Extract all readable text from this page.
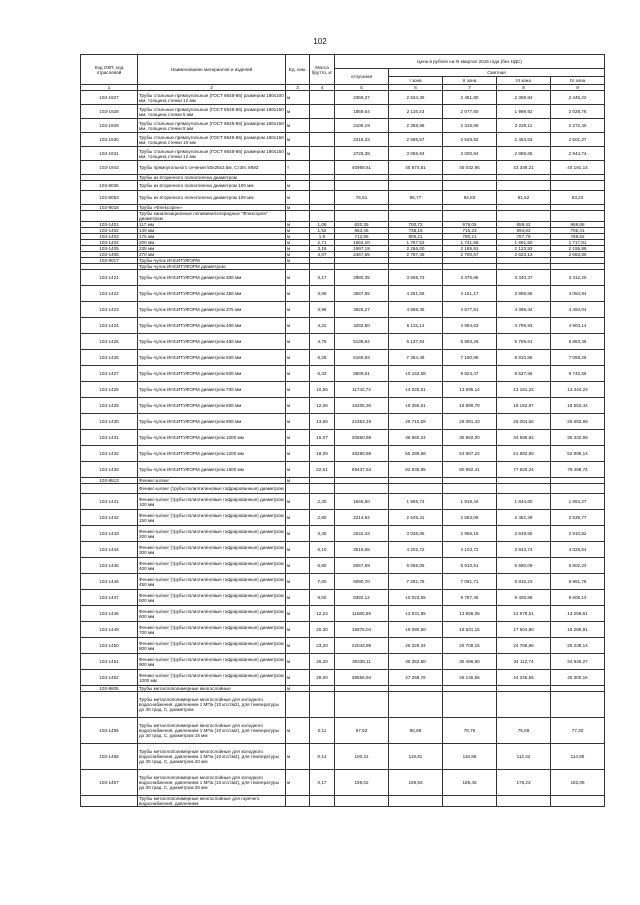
102
Код ОКП, код отраслевой	Наименование материалов и изделий	Ед. изм.	Масса брутто, кг	Цена в рублях на III квартал 2016 года (без НДС)				
				отпускная	Сметная			
					I зона	II зона	III зона	IV зона
1	2	3	4	5	6	7	8	9
103-1927	Трубы стальные прямоугольные (ГОСТ 8645-86) размером 180х100 мм, толщина стенки 12 мм	м		2366,37	2 534,36	2 491,80	2 398,84	2 445,22
103-1928	Трубы стальные прямоугольные (ГОСТ 8645-86) размером 180х150 мм, толщина стенки 5 мм	м		1869,64	2 116,43	2 077,60	1 999,92	2 028,76
103-1929	Трубы стальные прямоугольные (ГОСТ 8645-86) размером 180х150 мм, толщина стенки 8 мм	м		2106,19	2 358,98	2 315,69	2 229,11	2 272,40
103-1930	Трубы стальные прямоугольные (ГОСТ 8645-86) размером 180х150 мм, толщина стенки 10 мм	м		2318,33	2 596,57	2 548,92	2 453,63	2 501,27
103-1931	Трубы стальные прямоугольные (ГОСТ 8645-86) размером 180х150 мм, толщина стенки 12 мм	м		2729,38	3 056,94	3 000,84	2 888,65	2 944,74
103-1943	Трубы прямоугольного сечения 50х25х2,5м, Ст3пс ММЗ	т		40968,61	45 874,81	45 032,95	43 349,21	44 191,14
	Трубы из вторичного полиэтилена диаметром							
103-9036	Трубы из вторичного полиэтилена диаметром 100 мм	м						
103-8053	Трубы из вторичного полиэтилена диаметром 100 мм	м		76,51	86,77	84,83	81,52	83,24
103-9018	Трубы «Флексорен»	м						
	Трубы канализационные поливинилхлоридные "Флексорен" диаметром							
103-1401	117 мм	м	1,06	620,35	700,72	678,05	659,42	669,68
103-1402	140 мм	м	1,52	653,46	738,16	715,23	694,63	705,41
103-1403	175 мм	м	1,9	712,86	805,21	780,21	757,79	769,52
103-1404	200 мм	м	2,71	1564,20	1 767,53	1 741,65	1 691,50	1 717,81
103-1405	235 мм	м	3,16	1997,19	2 256,00	2 185,91	2 122,93	2 155,89
103-1406	270 мм	м	4,07	2467,65	2 787,49	2 700,67	2 623,13	2 663,80
103-9017	Трубы-чулок ИНСИТУФОРМ	м						
	Трубы-чулок ИНСИТУФОРМ диаметром:							
103-1421	Трубы-чулок ИНСИТУФОРМ диаметром 300 мм	м	3,17	2980,35	3 559,73	3 475,68	3 340,37	3 412,20
103-1422	Трубы-чулок ИНСИТУФОРМ диаметром 350 мм	м	3,69	3567,65	4 261,56	4 161,17	3 998,85	4 084,94
103-1423	Трубы-чулок ИНСИТУФОРМ диаметром 375 мм	м	3,96	3925,27	4 688,35	4 577,91	4 399,44	4 494,04
103-1424	Трубы-чулок ИНСИТУФОРМ диаметром 400 мм	м	4,22	4282,60	5 115,14	4 994,63	4 799,93	4 903,14
103-1425	Трубы-чулок ИНСИТУФОРМ диаметром 450 мм	м	4,75	5138,84	6 137,94	5 993,26	5 759,61	5 883,46
103-1426	Трубы-чулок ИНСИТУФОРМ диаметром 500 мм	м	5,28	6165,93	7 364,48	7 190,99	6 910,85	7 059,25
103-1427	Трубы-чулок ИНСИТУФОРМ диаметром 600 мм	м	6,33	8509,61	10 163,68	9 924,47	9 537,56	9 742,65
103-1428	Трубы-чулок ИНСИТУФОРМ диаметром 700 мм	м	10,55	11742,72	14 025,51	13 695,14	13 161,22	13 444,23
103-1429	Трубы-чулок ИНСИТУФОРМ диаметром 800 мм	м	12,06	16205,30	19 355,61	18 899,70	18 162,87	18 553,44
103-1430	Трубы-чулок ИНСИТУФОРМ диаметром 900 мм	м	13,56	22363,19	26 710,59	26 081,43	25 064,62	25 603,60
103-1431	Трубы-чулок ИНСИТУФОРМ диаметром 1000 мм	м	15,07	30860,88	36 860,24	35 992,00	34 588,82	35 332,60
103-1432	Трубы-чулок ИНСИТУФОРМ диаметром 1200 мм	м	18,09	46290,88	55 289,58	53 987,24	51 882,50	52 998,14
103-1433	Трубы-чулок ИНСИТУФОРМ диаметром 1500 мм	м	22,61	69437,53	82 935,95	80 982,41	77 825,24	79 498,74
103-9513	Феникс-шланг	м						
	Феникс-шланг (трубы полиэтиленовые гофрированные) диаметром							
103-1441	Феникс-шланг (трубы полиэтиленовые гофрированные) диаметром 100 мм	м	2,30	1645,50	1 965,74	1 919,44	1 844,60	1 884,27
103-1442	Феникс-шланг (трубы полиэтиленовые гофрированные) диаметром 150 мм	м	2,80	2214,84	2 645,41	2 583,09	2 482,39	2 535,77
103-1443	Феникс-шланг (трубы полиэтиленовые гофрированные) диаметром 200 мм	м	3,40	2542,43	3 036,65	2 965,15	2 849,55	2 910,82
103-1444	Феникс-шланг (трубы полиэтиленовые гофрированные) диаметром 300 мм	м	5,10	3516,68	4 202,72	4 103,72	3 943,74	4 028,54
103-1445	Феникс-шланг (трубы полиэтиленовые гофрированные) диаметром 400 мм	м	6,80	5067,69	6 055,09	5 910,51	5 680,09	5 802,23
103-1446	Феникс-шланг (трубы полиэтиленовые гофрированные) диаметром 450 мм	м	7,60	6090,70	7 282,79	7 091,71	6 815,23	6 961,78
103-1447	Феникс-шланг (трубы полиэтиленовые гофрированные) диаметром 500 мм	м	8,50	8392,12	10 023,55	9 787,45	9 405,88	9 608,13
103-1448	Феникс-шланг (трубы полиэтиленовые гофрированные) диаметром 600 мм	м	12,24	11580,59	13 831,85	13 506,06	12 979,51	13 258,61
103-1449	Феникс-шланг (трубы полиэтиленовые гофрированные) диаметром 700 мм	м	20,30	15975,04	19 080,50	18 631,15	17 904,80	18 289,81
103-1450	Феникс-шланг (трубы полиэтиленовые гофрированные) диаметром 800 мм	м	23,20	22043,99	26 329,34	25 709,15	24 706,86	25 238,14
103-1451	Феникс-шланг (трубы полиэтиленовые гофрированные) диаметром 900 мм	м	26,20	30438,11	36 352,80	35 496,60	34 112,74	34 846,27
103-1452	Феникс-шланг (трубы полиэтиленовые гофрированные) диаметром 1000 мм	м	29,00	39566,94	47 258,76	46 145,56	44 346,56	45 300,16
103-9805	Трубы металлополимерные многослойные	м						
	Трубы металлополимерные многослойные для холодного водоснабжения, давлением 1 МПа (10 кгс/см2), для температуры до 30 град. С, диаметром							
103-1455	Трубы металлополимерные многослойные для холодного водоснабжения, давлением 1 МПа (10 кгс/см2), для температуры до 30 град. С, диаметром 15 мм	м	0,11	67,52	80,68	78,75	75,68	77,30
103-1456	Трубы металлополимерные многослойные для холодного водоснабжения, давлением 1 МПа (10 кгс/см2), для температуры до 30 град. С, диаметром 20 мм	м	0,14	100,31	119,81	116,99	112,42	114,85
103-1457	Трубы металлополимерные многослойные для холодного водоснабжения, давлением 1 МПа (10 кгс/см2), для температуры до 30 град. С, диаметром 25 мм	м	0,17	159,02	189,93	185,46	178,23	182,06
	Трубы металлополимерные многослойные для горячего водоснабжения, давлением							
